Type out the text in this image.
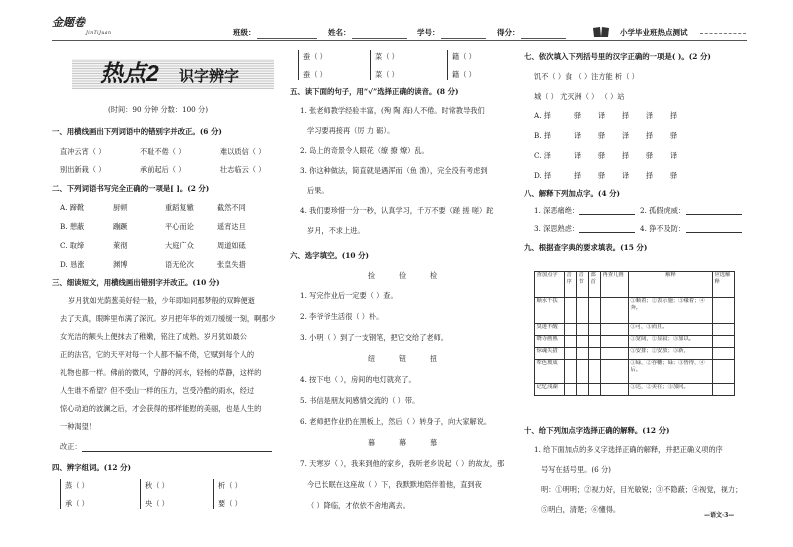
金题卷
JinTiJuan	班级：	姓名：	学号：	得分：	小学毕业班热点测试
热点2 识字辨字
(时间：90 分钟 分数：100 分)
一、用横线画出下列词语中的错别字并改正。(6 分)
直冲云宵（ ）	不耻不倦（ ）	难以质信（ ）
别出新栽（ ）	承前起后（ ）	壮志临云（ ）
二、下列词语书写完全正确的一项是[ ]。(2 分)
A. 蹄靴	厨顿	重蹈复辙	截然不同
B. 憩蔽	蹦蹶	平心而论	遥宵达旦
C. 取缔	萊彻	大庭广众	周道如砥
D. 恳涨	渊博	语无伦次	张皇失措
三、细读短文，用横线画出错别字并改正。(10 分)
岁月犹如光荫葱美好轻一般，少年即如同那梦般的双眸便逝
去了天真，眼眸里布满了深沉。岁月把年华的刘刀缓缓一刻，啊那少
女光洁的额头上便抹去了稚嫩，铭注了成熟。岁月犹如最公
正的法官，它的天平对每一个人都不偏不倚，它赋到每个人的
礼物也都一样。佛前的微风，宁静的河水，轻杨的草静，这样的
人生谁不希望？但不受山一样的压力，岂受冷酷的雨水，经过
惊心动迫的波澜之后，才会获得的那样能慰的美丽，也是人生的
一种渴望！
改正：
四、辨字组词。(12 分)
蒸（ ）	秋（ ）	析（ ）
承（ ）	央（ ）	要（ ）
蚕（ ）	菜（ ）	籍（ ）
蚕（ ）	菜（ ）	籍（ ）
五、读下面的句子，用“√”选择正确的读音。(8 分)
1. 张老师教学经验丰富，(殉 陶 海)人不倦。时常教导我们
学习要再接再（厉 力 砺）。
2. 岛上的奇景令人眼花（缭 撩 燎）乱。
3. 你这种做法，简直就是遇浑而（鱼 渔），完全没有考虑到
后果。
4. 我们要珍惜一分一秒，认真学习，千万不要（蹉 搓 嗟）跎
岁月，不求上进。
六、选字填空。(10 分)
捡	俭	检
1. 写完作业后一定要（ ）查。
2. 李爷爷生活很（ ）朴。
3. 小明（ ）到了一支钢笔，把它交给了老师。
纽	钮	扭
4. 按下电（ ），房间的电灯就亮了。
5. 书信是朋友间感情交流的（ ）带。
6. 老师把作业扔在黑板上，然后（ ）转身子，向大家解说。
暮	幕	慕
7. 天寒岁（ ），我来到他的家乡，我听老乡说起（ ）的故友，那
今已长眠在这座故（ ）下，我默默地陪伴着他，直到夜
（ ）降临，才依依不舍地离去。
七、依次填入下列括号里的汉字正确的一项是( )。(2 分)
饥不（ ）食 （ ）注方能 析（ ）
城（ ） 尤灭洲（ ） （ ）站
A. 择	驿 译 择 泽 择
B. 择	译 驿 泽 择 驿
C. 泽	译 驿 择 驿 译
D. 择	择 驿 译 择 驿
八、解释下列加点字。(4 分)
1. 深恶痛绝：	2. 孤假虎威：
3. 深思熟虑：	4. 狰不及防：
九、根据查字典的要求填表。(15 分)
查加点字	音序	音节	部首	再查几画	解释	应选解释
顺水千扶					①顺着；②表示施；③缘着；④奔。	
臭迷不醒					①可，③而且。	
晓寺画熟					①宽阔，②显寂；③加以。	
惊魂失措					①安排；②安放；③新，	
犁色玻成					①碌，②谷穗；碌；③皆得，④后。	
记忆浅湖					①达，②美在；③加问。	
十、给下列加点字选择正确的解释。(12 分)
1. 给下面加点的多义字选择正确的解释，并把正确义项的序
号写在括号里。(6 分)
明：①明明；②视力好，目光敏锐；③不隐蔽；④视觉，视力；
⑤明白，清楚；⑥懂得。
—语文·3—
